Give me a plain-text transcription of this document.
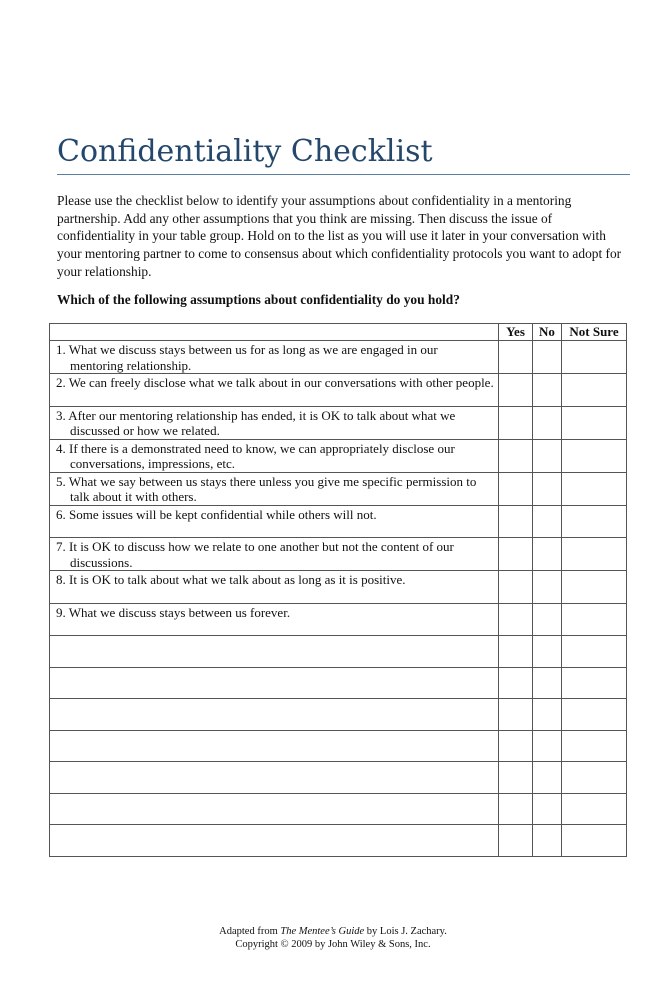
Confidentiality Checklist

Please use the checklist below to identify your assumptions about confidentiality in a mentoring partnership. Add any other assumptions that you think are missing. Then discuss the issue of confidentiality in your table group. Hold on to the list as you will use it later in your conversation with your mentoring partner to come to consensus about which confidentiality protocols you want to adopt for your relationship.

Which of the following assumptions about confidentiality do you hold?

	Yes	No	Not Sure

1. What we discuss stays between us for as long as we are engaged in our mentoring relationship.			

2. We can freely disclose what we talk about in our conversations with other people.			

3. After our mentoring relationship has ended, it is OK to talk about what we discussed or how we related.			

4. If there is a demonstrated need to know, we can appropriately disclose our conversations, impressions, etc.			

5. What we say between us stays there unless you give me specific permission to talk about it with others.			

6. Some issues will be kept confidential while others will not.			

7. It is OK to discuss how we relate to one another but not the content of our discussions.			

8. It is OK to talk about what we talk about as long as it is positive.			

9. What we discuss stays between us forever.			

Adapted from The Mentee’s Guide by Lois J. Zachary.

Copyright © 2009 by John Wiley & Sons, Inc.
